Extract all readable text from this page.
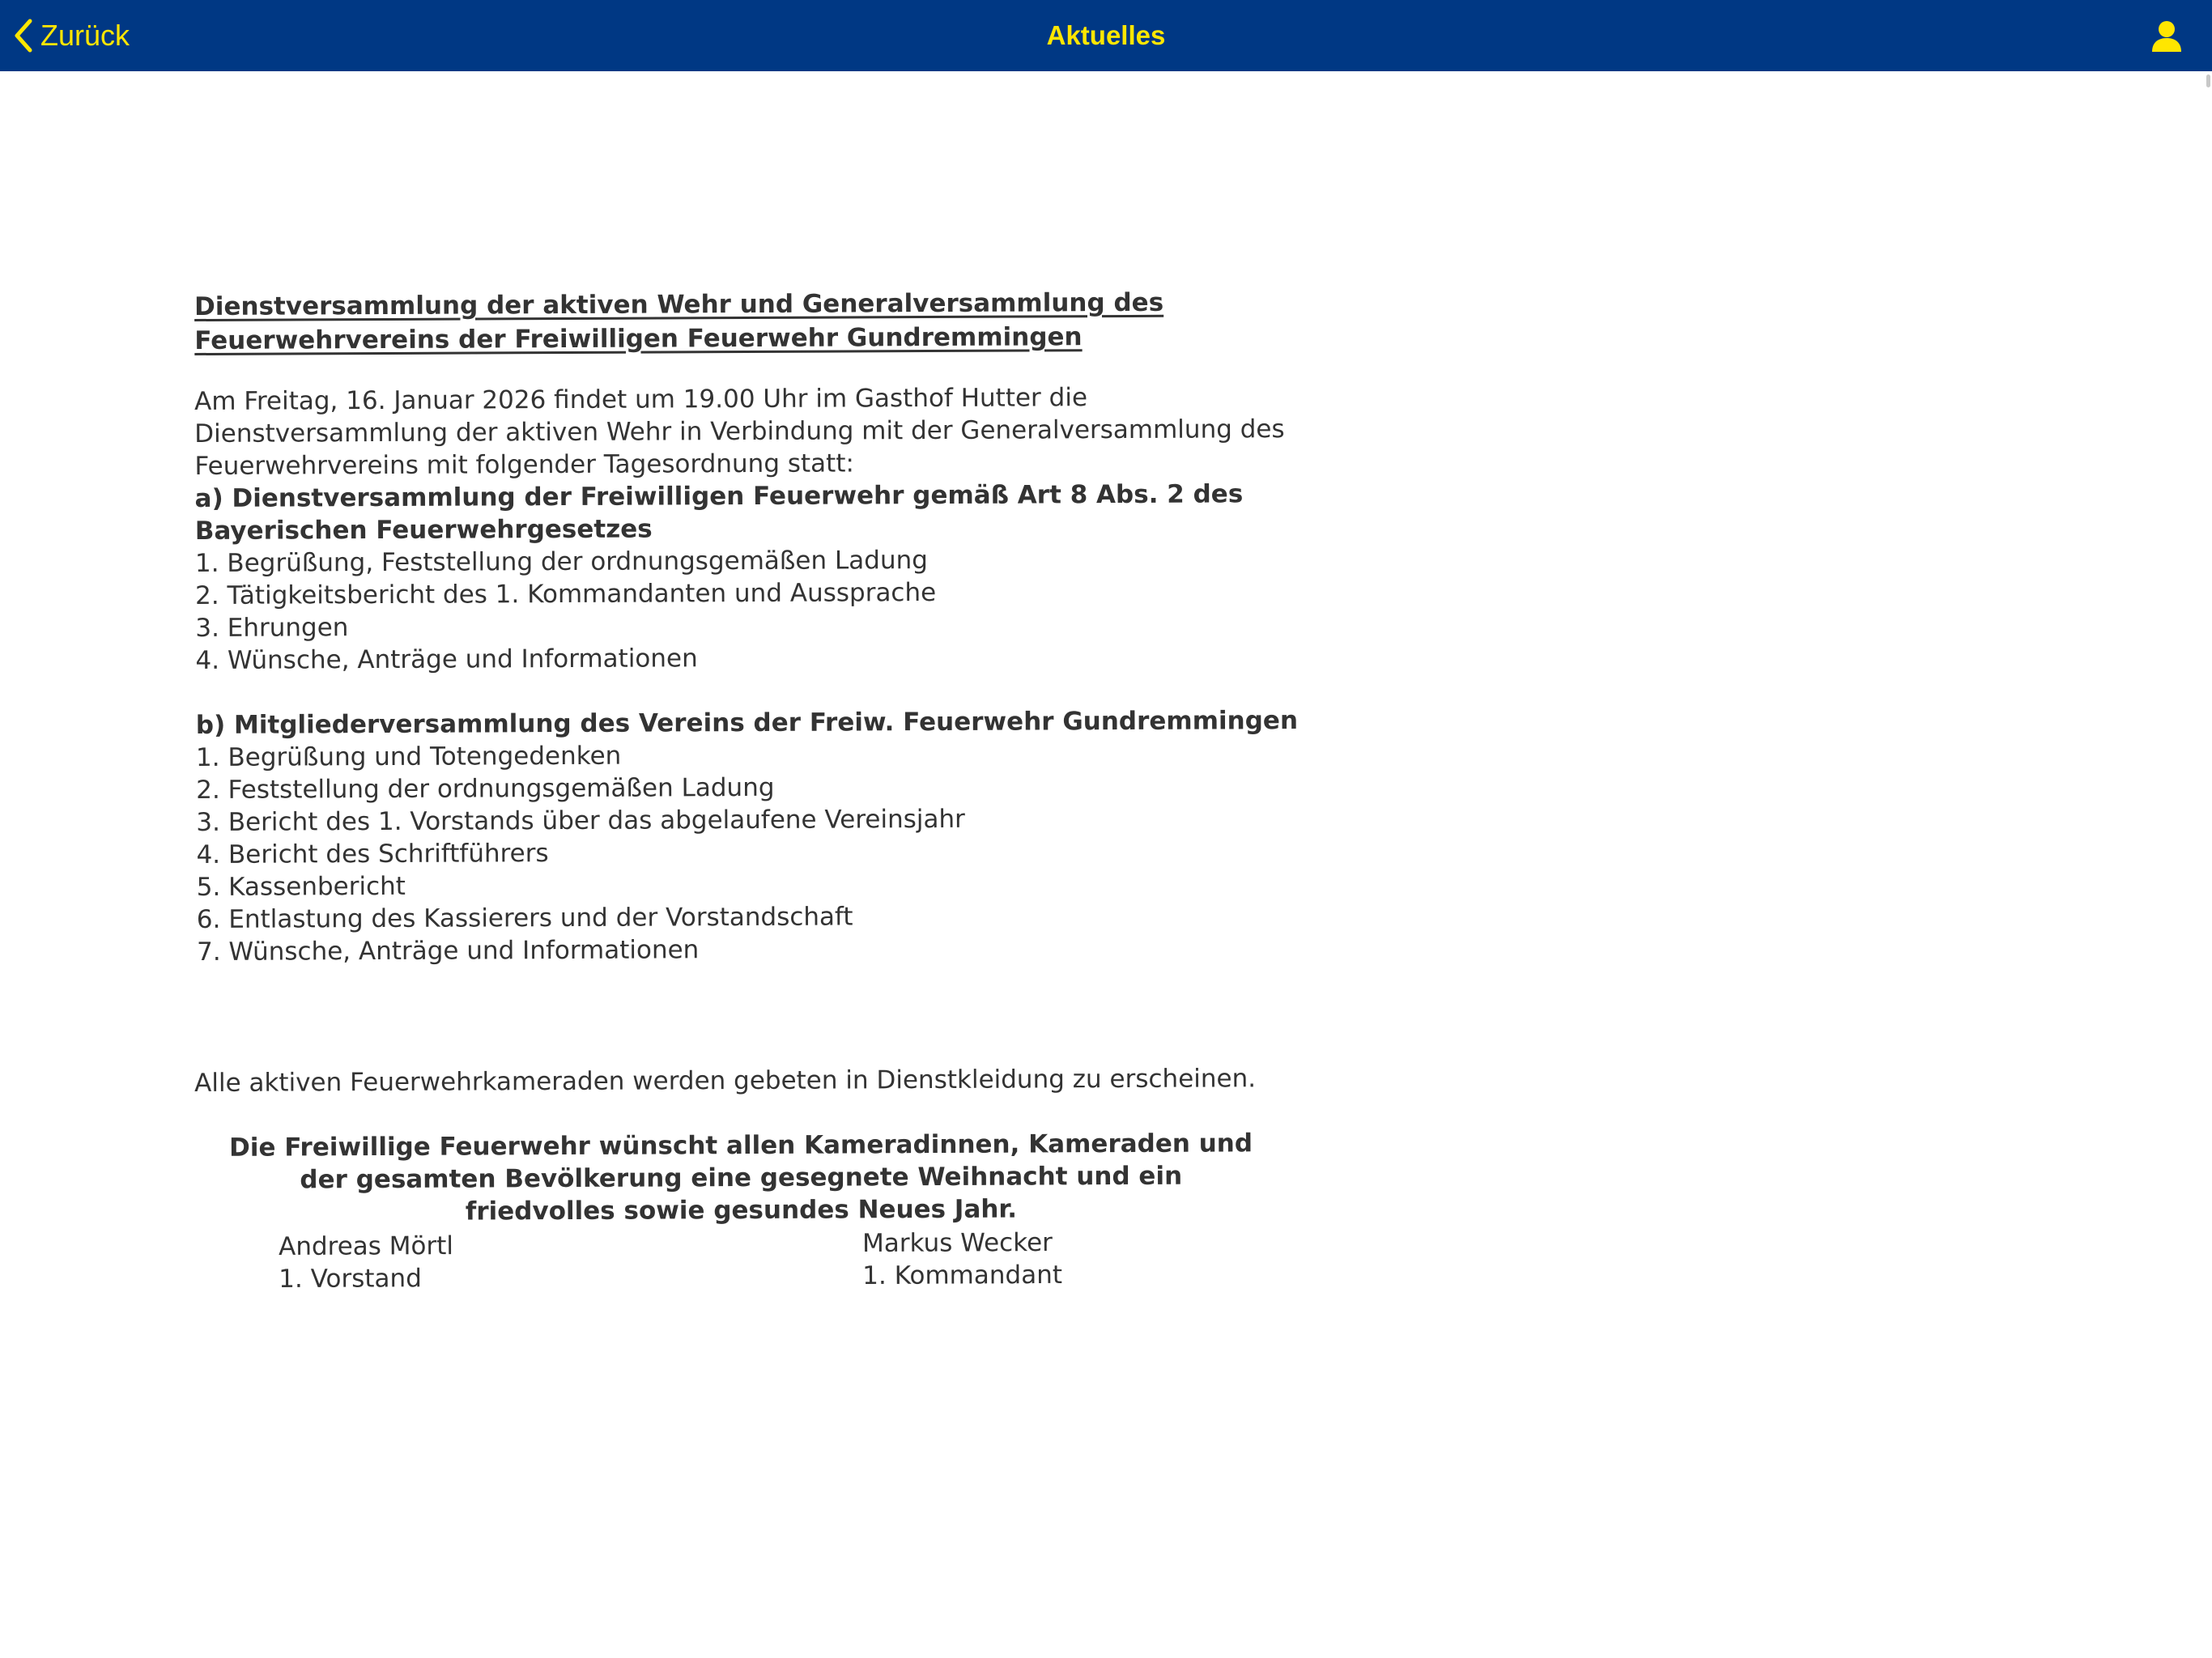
Zurück	Aktuelles
Dienstversammlung der aktiven Wehr und Generalversammlung des
Feuerwehrvereins der Freiwilligen Feuerwehr Gundremmingen

Am Freitag, 16. Januar 2026 findet um 19.00 Uhr im Gasthof Hutter die

Dienstversammlung der aktiven Wehr in Verbindung mit der Generalversammlung des

Feuerwehrvereins mit folgender Tagesordnung statt:

a) Dienstversammlung der Freiwilligen Feuerwehr gemäß Art 8 Abs. 2 des

Bayerischen Feuerwehrgesetzes

1. Begrüßung, Feststellung der ordnungsgemäßen Ladung

2. Tätigkeitsbericht des 1. Kommandanten und Aussprache

3. Ehrungen

4. Wünsche, Anträge und Informationen

b) Mitgliederversammlung des Vereins der Freiw. Feuerwehr Gundremmingen

1. Begrüßung und Totengedenken

2. Feststellung der ordnungsgemäßen Ladung

3. Bericht des 1. Vorstands über das abgelaufene Vereinsjahr

4. Bericht des Schriftführers

5. Kassenbericht

6. Entlastung des Kassierers und der Vorstandschaft

7. Wünsche, Anträge und Informationen

Alle aktiven Feuerwehrkameraden werden gebeten in Dienstkleidung zu erscheinen.

Die Freiwillige Feuerwehr wünscht allen Kameradinnen, Kameraden und

der gesamten Bevölkerung eine gesegnete Weihnacht und ein

friedvolles sowie gesundes Neues Jahr.

Andreas Mörtl

1. Vorstand

Markus Wecker

1. Kommandant
